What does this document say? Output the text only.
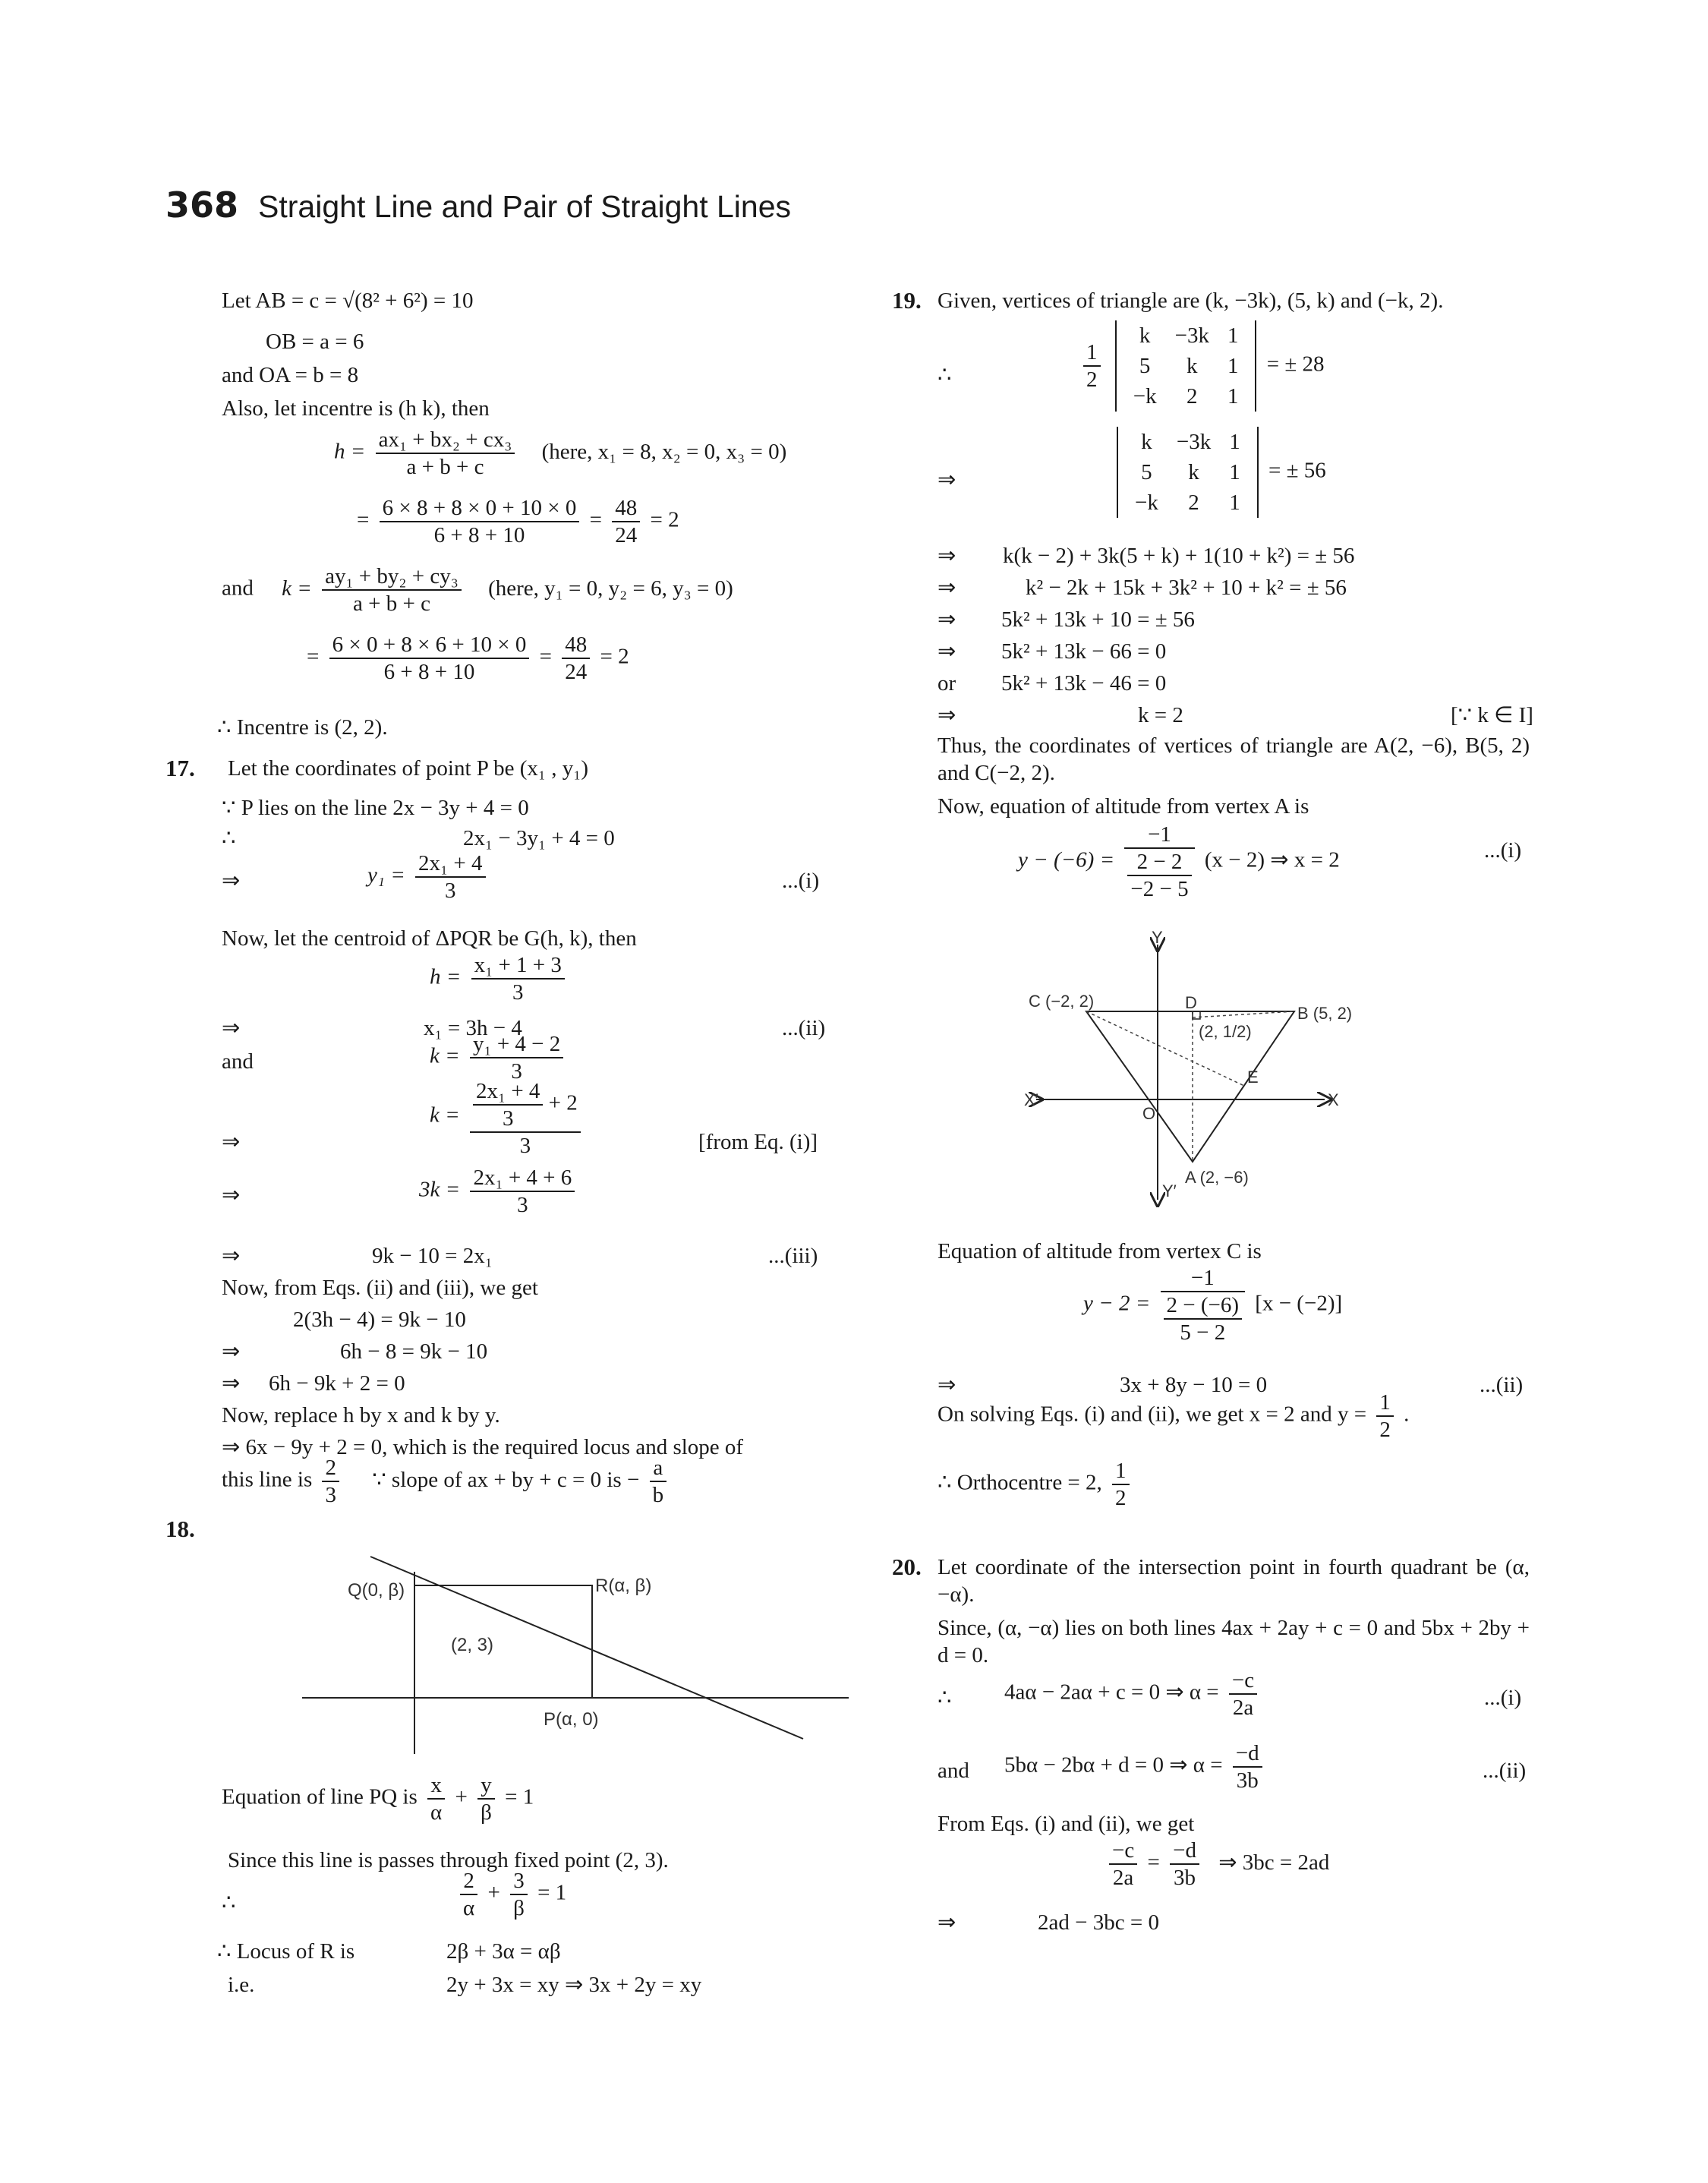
368 Straight Line and Pair of Straight Lines
Let AB = c = √(8² + 6²) = 10
OB = a = 6
and OA = b = 8
Also, let incentre is (h k), then
$h = \frac{\text{ax₁ + bx₂ + cx₃}}{a + b + c}$ (here, x₁ = 8, x₂ = 0, x₃ = 0)
= $\frac{6 \times 8 + 8 \times 0 + 10 \times 0}{6 + 8 + 10} = \frac{48}{24} = 2$
and $k = \frac{\text{ay₁ + by₂ + cy₃}}{a + b + c}$ (here, y₁ = 0, y₂ = 6, y₃ = 0)
= $\frac{6 \times 0 + 8 \times 6 + 10 \times 0}{6 + 8 + 10} = \frac{48}{24} = 2$
∴ Incentre is (2, 2).
17. Let the coordinates of point P be (x₁ , y₁)
∵ P lies on the line 2x − 3y + 4 = 0
∴	2x₁ − 3y₁ + 4 = 0
⇒	$y_1 = \frac{\text{2x₁ + 4}}{3}$	...(i)
Now, let the centroid of ΔPQR be G(h, k), then
$h = \frac{\text{x₁ + 1 + 3}}{3}$
⇒	x₁ = 3h − 4	...(ii)
and	$k = \frac{\text{y₁ + 4 − 2}}{3}$
⇒
$k = \frac{\frac{\text{2x₁ + 4}}{3} + 2}{3}$	[from Eq. (i)]
⇒	$3k = \frac{\text{2x₁ + 4 + 6}}{3}$
⇒	9k − 10 = 2x₁	...(iii)
Now, from Eqs. (ii) and (iii), we get
2(3h − 4) = 9k − 10
⇒	6h − 8 = 9k − 10
⇒ 6h − 9k + 2 = 0
Now, replace h by x and k by y.
⇒ 6x − 9y + 2 = 0, which is the required locus and slope of
this line is $\frac{2}{3}$ ∵ slope of ax + by + c = 0 is − $\frac{a}{b}$
18.
Q(0, β)	R(α, β)
(2, 3)
P(α, 0)
Equation of line PQ is $\frac{x}{\alpha} + \frac{y}{\beta} = 1$
Since this line is passes through fixed point (2, 3).
∴	$\frac{2}{\alpha} + \frac{3}{\beta} = 1$
∴ Locus of R is	2β + 3α = αβ
i.e.	2y + 3x = xy ⇒ 3x + 2y = xy
19. Given, vertices of triangle are (k, −3k), (5, k) and (−k, 2).
∴	$\frac{1}{2}$

k	−3k	1
5	k	1
−k	2	1
= ± 28
⇒
k	−3k	1
5	k	1
−k	2	1
= ± 56
⇒ k(k − 2) + 3k(5 + k) + 1(10 + k²) = ± 56
⇒	k² − 2k + 15k + 3k² + 10 + k² = ± 56
⇒ 5k² + 13k + 10 = ± 56
⇒ 5k² + 13k − 66 = 0
or 5k² + 13k − 46 = 0
⇒	k = 2	[∵ k ∈ I]
Thus, the coordinates of vertices of triangle are A(2, −6), B(5, 2) and C(−2, 2).
Now, equation of altitude from vertex A is
$y - (-6) = \frac{-1}{\frac{2 - 2}{-2 - 5}} (x - 2)$ ⇒ x = 2	...(i)
Y
Y′
X
X′
O
C (−2, 2)	D
B (5, 2)
(2, 1/2)
E
A (2, −6)
Equation of altitude from vertex C is
$y - 2 = \frac{-1}{\frac{2 - (-6)}{5 - 2}} [x - (-2)]$
⇒	3x + 8y − 10 = 0	...(ii)
On solving Eqs. (i) and (ii), we get x = 2 and $y = \frac{1}{2}$ .
∴ Orthocentre = 2, $\frac{1}{2}$
20. Let coordinate of the intersection point in fourth quadrant be (α, −α).
Since, (α, −α) lies on both lines 4ax + 2ay + c = 0 and 5bx + 2by + d = 0.
∴ 4aα − 2aα + c = 0 ⇒ $\alpha = \frac{-c}{2a}$	...(i)
and 5bα − 2bα + d = 0 ⇒ $\alpha = \frac{-d}{3b}$	...(ii)
From Eqs. (i) and (ii), we get
$\frac{-c}{2a} = \frac{-d}{3b}$ ⇒ 3bc = 2ad
⇒	2ad − 3bc = 0
